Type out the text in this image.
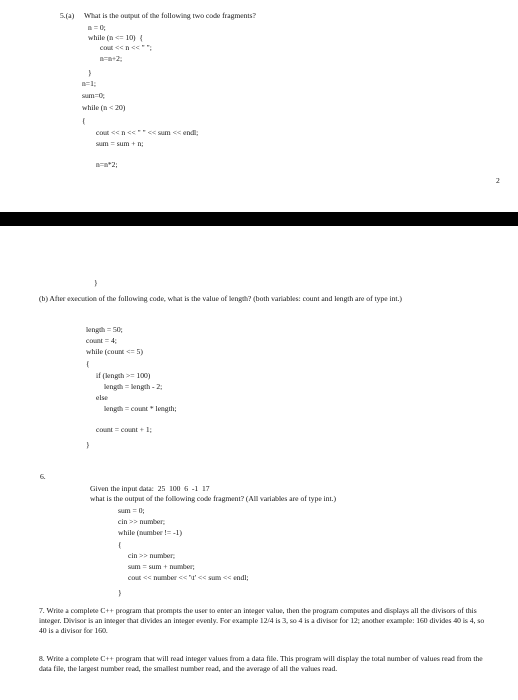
5.(a) What is the output of the following two code fragments?
n = 0;
while (n <= 10)  {
cout << n << " ";
n=n+2;
}
n=1;
sum=0;
while (n < 20)
{
cout << n << " " << sum << endl;
sum = sum + n;
n=n*2;
2
}
(b) After execution of the following code, what is the value of length? (both variables: count and length are of type int.)
length = 50;
count = 4;
while (count <= 5)
{
if (length >= 100)
length = length - 2;
else
length = count * length;
count = count + 1;
}
6.
Given the input data:  25  100  6  -1  17
what is the output of the following code fragment? (All variables are of type int.)
sum = 0;
cin >> number;
while (number != -1)
{
cin >> number;
sum = sum + number;
cout << number << '\t' << sum << endl;
}
7. Write a complete C++ program that prompts the user to enter an integer value, then the program computes and displays all the divisors of this integer. Divisor is an integer that divides an integer evenly. For example 12/4 is 3, so 4 is a divisor for 12; another example: 160 divides 40 is 4, so 40 is a divisor for 160.
8. Write a complete C++ program that will read integer values from a data file. This program will display the total number of values read from the data file, the largest number read, the smallest number read, and the average of all the values read.
